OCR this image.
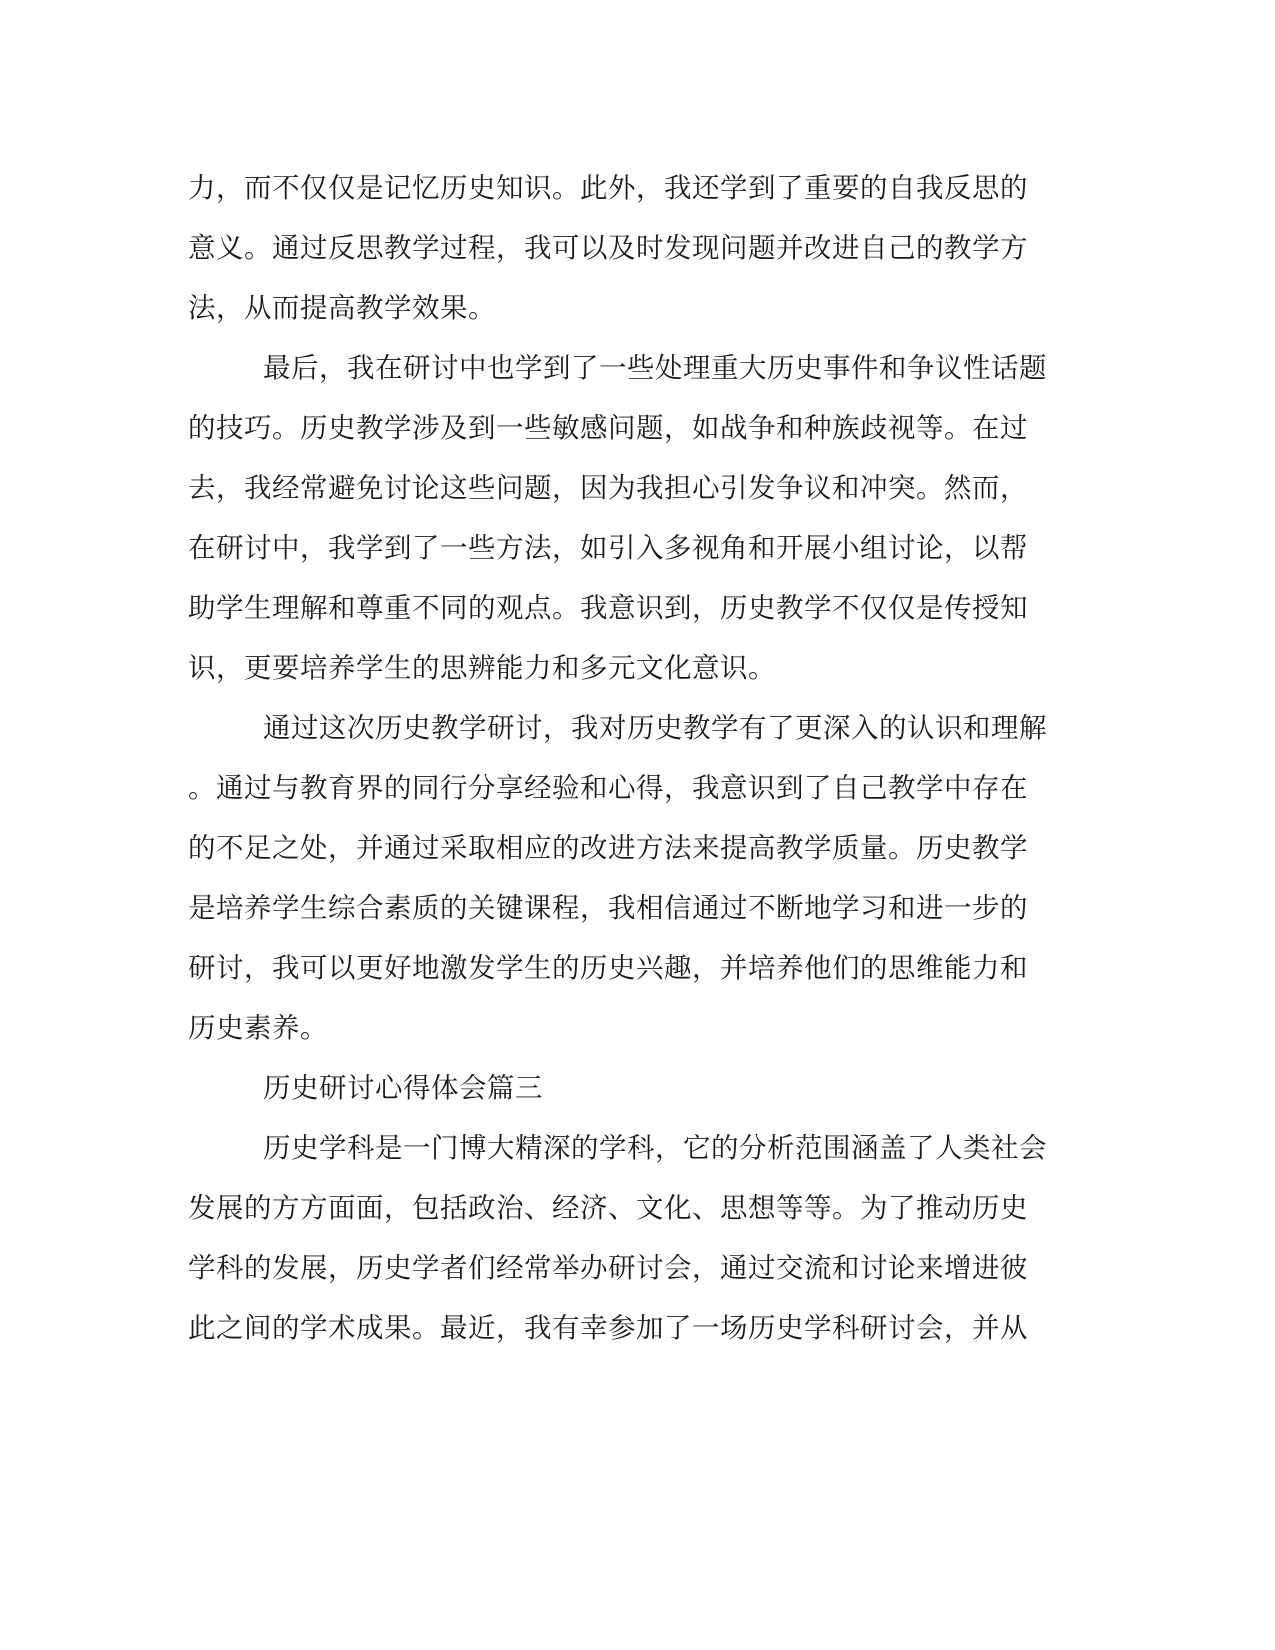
力，而不仅仅是记忆历史知识。此外，我还学到了重要的自我反思的
意义。通过反思教学过程，我可以及时发现问题并改进自己的教学方
法，从而提高教学效果。
最后，我在研讨中也学到了一些处理重大历史事件和争议性话题
的技巧。历史教学涉及到一些敏感问题，如战争和种族歧视等。在过
去，我经常避免讨论这些问题，因为我担心引发争议和冲突。然而，
在研讨中，我学到了一些方法，如引入多视角和开展小组讨论，以帮
助学生理解和尊重不同的观点。我意识到，历史教学不仅仅是传授知
识，更要培养学生的思辨能力和多元文化意识。
通过这次历史教学研讨，我对历史教学有了更深入的认识和理解
。通过与教育界的同行分享经验和心得，我意识到了自己教学中存在
的不足之处，并通过采取相应的改进方法来提高教学质量。历史教学
是培养学生综合素质的关键课程，我相信通过不断地学习和进一步的
研讨，我可以更好地激发学生的历史兴趣，并培养他们的思维能力和
历史素养。
历史研讨心得体会篇三
历史学科是一门博大精深的学科，它的分析范围涵盖了人类社会
发展的方方面面，包括政治、经济、文化、思想等等。为了推动历史
学科的发展，历史学者们经常举办研讨会，通过交流和讨论来增进彼
此之间的学术成果。最近，我有幸参加了一场历史学科研讨会，并从
